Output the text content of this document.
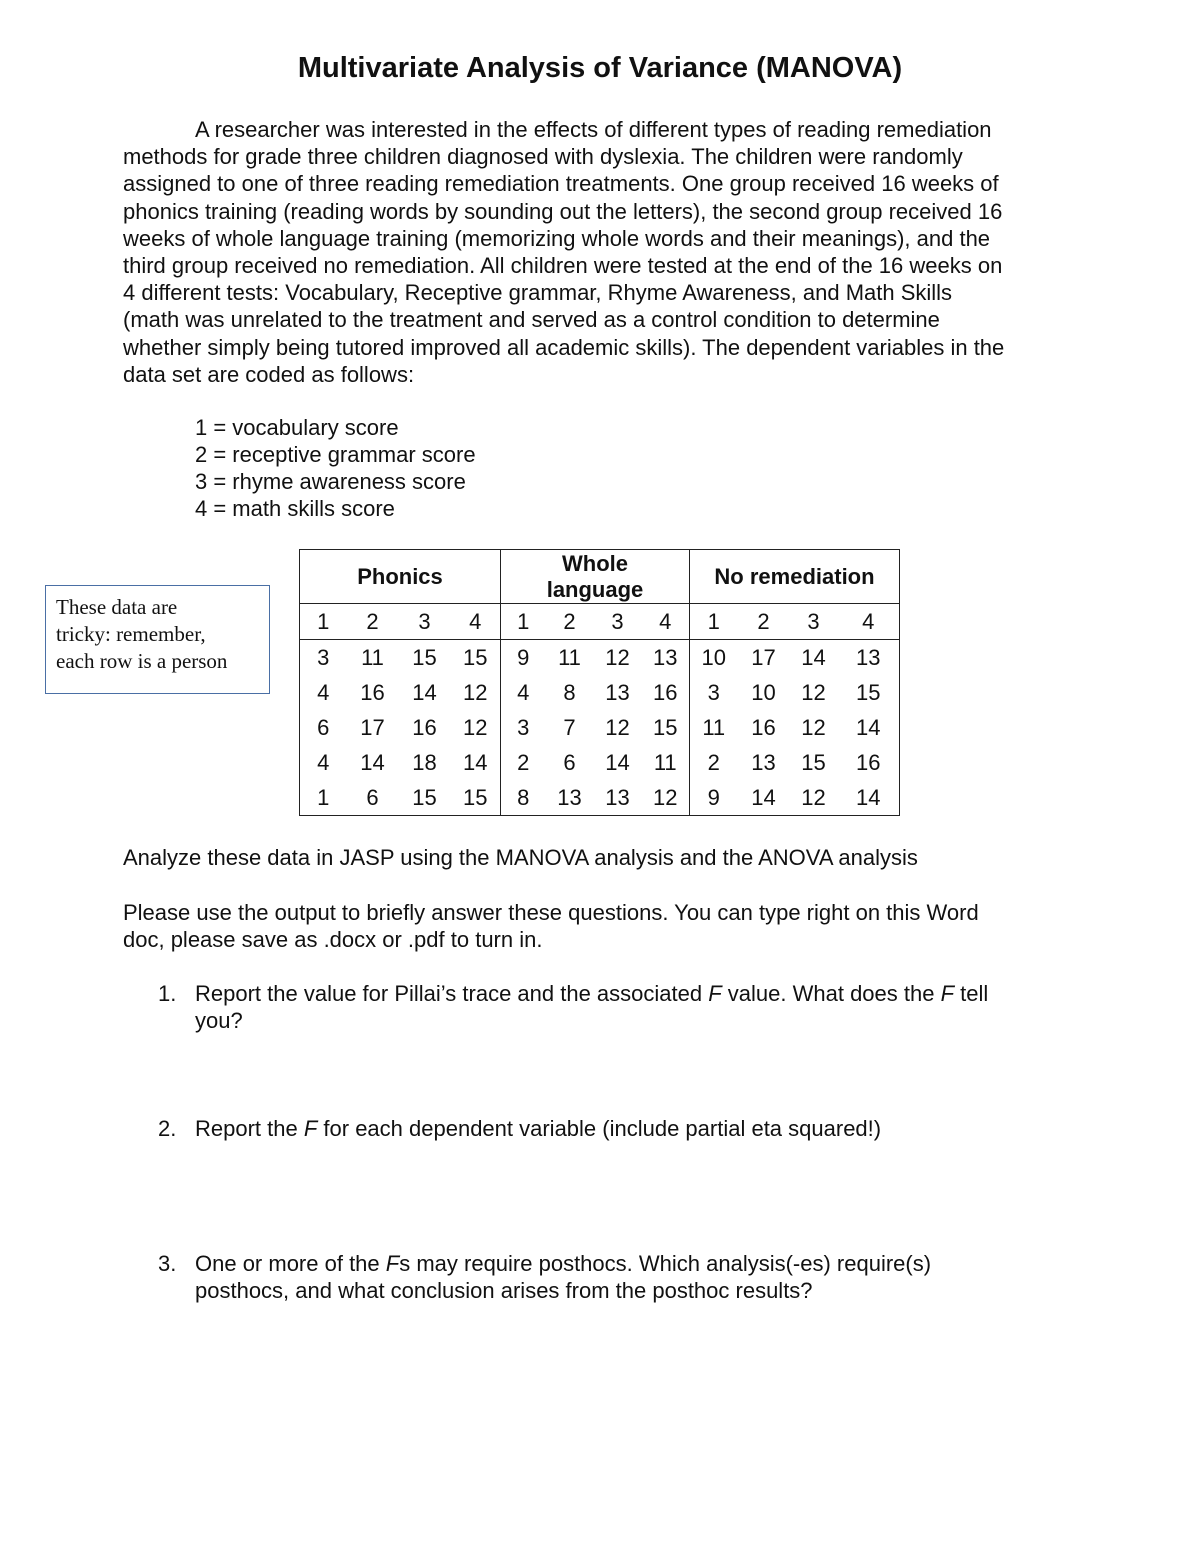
Multivariate Analysis of Variance (MANOVA)

A researcher was interested in the effects of different types of reading remediation
methods for grade three children diagnosed with dyslexia. The children were randomly
assigned to one of three reading remediation treatments. One group received 16 weeks of
phonics training (reading words by sounding out the letters), the second group received 16
weeks of whole language training (memorizing whole words and their meanings), and the
third group received no remediation. All children were tested at the end of the 16 weeks on
4 different tests: Vocabulary, Receptive grammar, Rhyme Awareness, and Math Skills
(math was unrelated to the treatment and served as a control condition to determine
whether simply being tutored improved all academic skills). The dependent variables in the
data set are coded as follows:

1 = vocabulary score
2 = receptive grammar score
3 = rhyme awareness score
4 = math skills score
These data are
tricky: remember,
each row is a person
Phonics				Whole language				No remediation			
1	2	3	4	1	2	3	4	1	2	3	4
3	11	15	15	9	11	12	13	10	17	14	13
4	16	14	12	4	8	13	16	3	10	12	15
6	17	16	12	3	7	12	15	11	16	12	14
4	14	18	14	2	6	14	11	2	13	15	16
1	6	15	15	8	13	13	12	9	14	12	14

Analyze these data in JASP using the MANOVA analysis and the ANOVA analysis

Please use the output to briefly answer these questions. You can type right on this Word
doc, please save as .docx or .pdf to turn in.

1. Report the value for Pillai’s trace and the associated F value. What does the F tell
you?
2. Report the F for each dependent variable (include partial eta squared!)
3. One or more of the Fs may require posthocs. Which analysis(-es) require(s)
posthocs, and what conclusion arises from the posthoc results?
